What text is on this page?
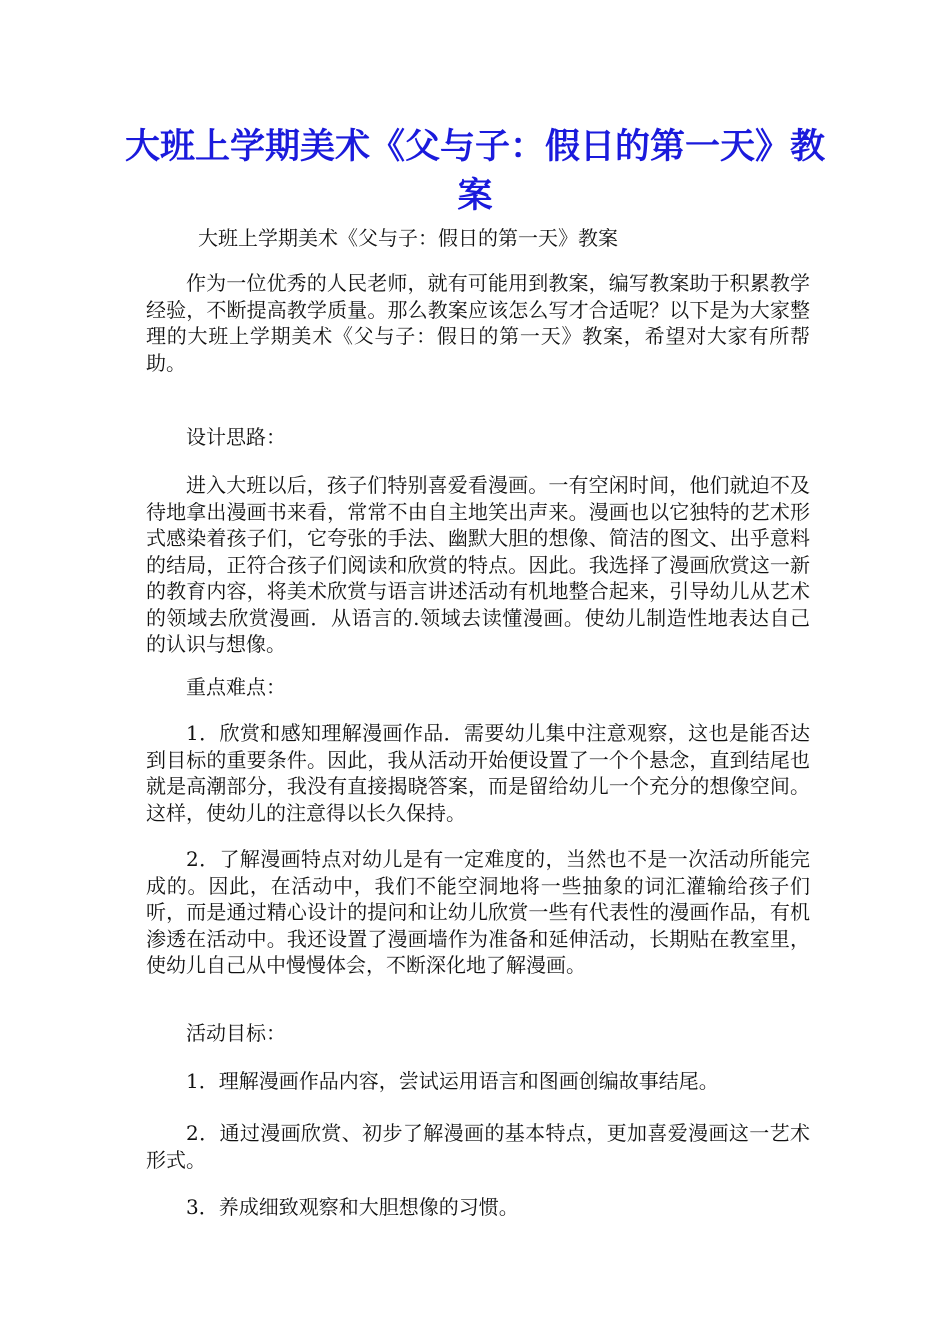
大班上学期美术《父与子：假日的第一天》教案

大班上学期美术《父与子：假日的第一天》教案

作为一位优秀的人民老师，就有可能用到教案，编写教案助于积累教学经验，不断提高教学质量。那么教案应该怎么写才合适呢？以下是为大家整理的大班上学期美术《父与子：假日的第一天》教案，希望对大家有所帮助。

设计思路：

进入大班以后，孩子们特别喜爱看漫画。一有空闲时间，他们就迫不及待地拿出漫画书来看，常常不由自主地笑出声来。漫画也以它独特的艺术形式感染着孩子们，它夸张的手法、幽默大胆的想像、简洁的图文、出乎意料的结局，正符合孩子们阅读和欣赏的特点。因此。我选择了漫画欣赏这一新的教育内容，将美术欣赏与语言讲述活动有机地整合起来，引导幼儿从艺术的领域去欣赏漫画．从语言的.领域去读懂漫画。使幼儿制造性地表达自己的认识与想像。

重点难点：

1．欣赏和感知理解漫画作品．需要幼儿集中注意观察，这也是能否达到目标的重要条件。因此，我从活动开始便设置了一个个悬念，直到结尾也就是高潮部分，我没有直接揭晓答案，而是留给幼儿一个充分的想像空间。这样，使幼儿的注意得以长久保持。

2．了解漫画特点对幼儿是有一定难度的，当然也不是一次活动所能完成的。因此，在活动中，我们不能空洞地将一些抽象的词汇灌输给孩子们听，而是通过精心设计的提问和让幼儿欣赏一些有代表性的漫画作品，有机渗透在活动中。我还设置了漫画墙作为准备和延伸活动，长期贴在教室里，使幼儿自己从中慢慢体会，不断深化地了解漫画。

活动目标：

1．理解漫画作品内容，尝试运用语言和图画创编故事结尾。

2．通过漫画欣赏、初步了解漫画的基本特点，更加喜爱漫画这一艺术形式。

3．养成细致观察和大胆想像的习惯。
